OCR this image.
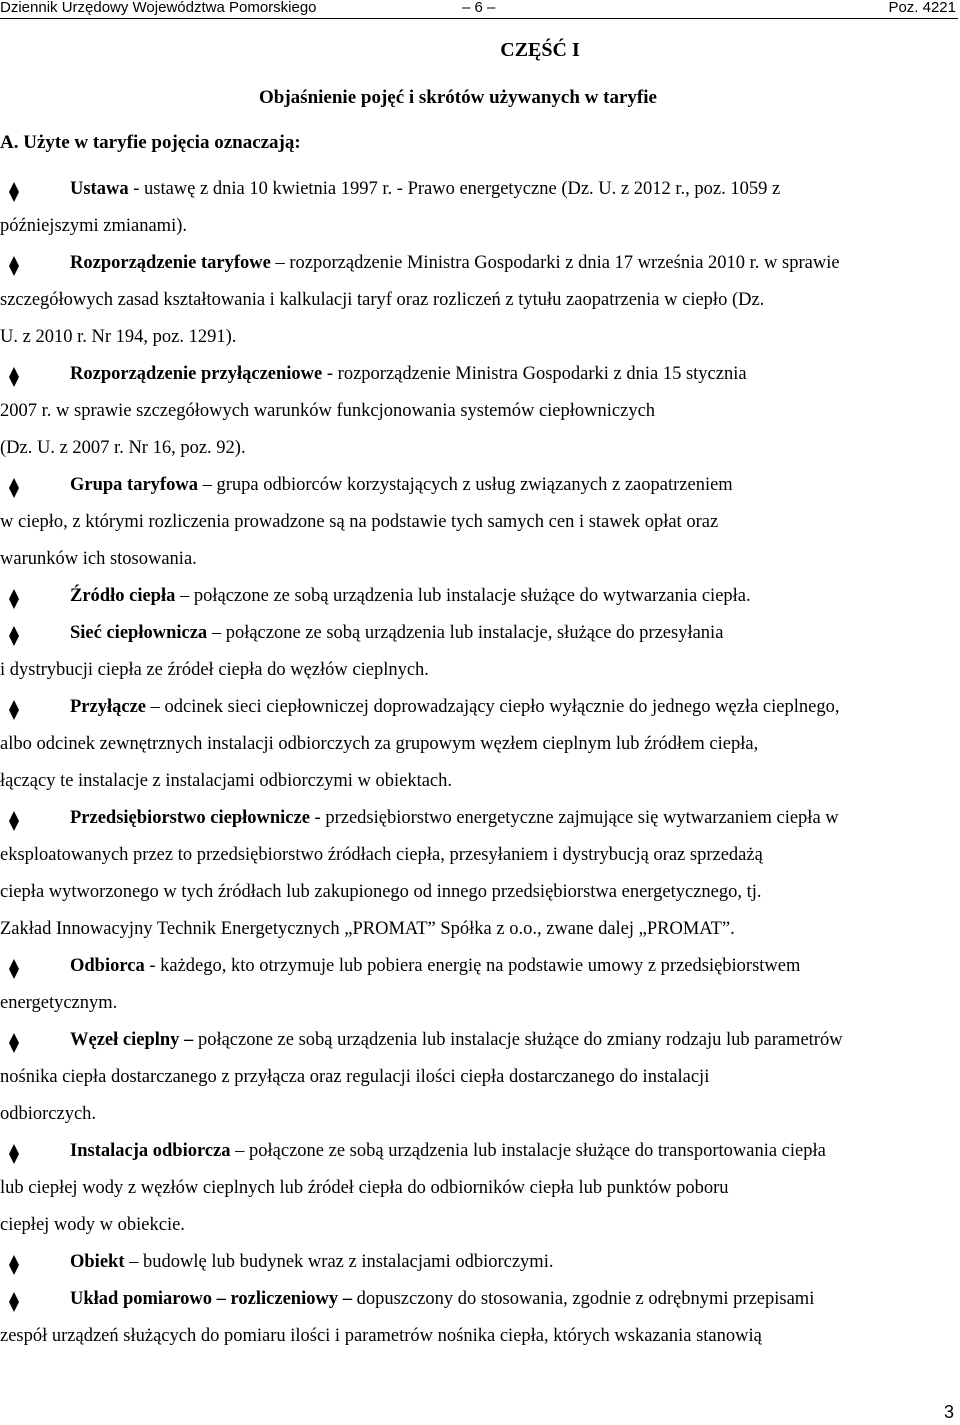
Dziennik Urzędowy Województwa Pomorskiego	– 6 –	Poz. 4221
CZĘŚĆ I
Objaśnienie pojęć i skrótów używanych w taryfie
A. Użyte w taryfie pojęcia oznaczają:
Ustawa - ustawę z dnia 10 kwietnia 1997 r. - Prawo energetyczne (Dz. U. z 2012 r., poz. 1059 z
późniejszymi zmianami).
Rozporządzenie taryfowe – rozporządzenie Ministra Gospodarki z dnia 17 września 2010 r. w sprawie
szczegółowych zasad kształtowania i kalkulacji taryf oraz rozliczeń z tytułu zaopatrzenia w ciepło (Dz.
U. z 2010 r. Nr 194, poz. 1291).
Rozporządzenie przyłączeniowe - rozporządzenie Ministra Gospodarki z dnia 15 stycznia
2007 r. w sprawie szczegółowych warunków funkcjonowania systemów ciepłowniczych
(Dz. U. z 2007 r. Nr 16, poz. 92).
Grupa taryfowa – grupa odbiorców korzystających z usług związanych z zaopatrzeniem
w ciepło, z którymi rozliczenia prowadzone są na podstawie tych samych cen i stawek opłat oraz
warunków ich stosowania.
Źródło ciepła – połączone ze sobą urządzenia lub instalacje służące do wytwarzania ciepła.
Sieć ciepłownicza – połączone ze sobą urządzenia lub instalacje, służące do przesyłania
i dystrybucji ciepła ze źródeł ciepła do węzłów cieplnych.
Przyłącze – odcinek sieci ciepłowniczej doprowadzający ciepło wyłącznie do jednego węzła cieplnego,
albo odcinek zewnętrznych instalacji odbiorczych za grupowym węzłem cieplnym lub źródłem ciepła,
łączący te instalacje z instalacjami odbiorczymi w obiektach.
Przedsiębiorstwo ciepłownicze - przedsiębiorstwo energetyczne zajmujące się wytwarzaniem ciepła w
eksploatowanych przez to przedsiębiorstwo źródłach ciepła, przesyłaniem i dystrybucją oraz sprzedażą
ciepła wytworzonego w tych źródłach lub zakupionego od innego przedsiębiorstwa energetycznego, tj.
Zakład Innowacyjny Technik Energetycznych „PROMAT” Spółka z o.o., zwane dalej „PROMAT”.
Odbiorca - każdego, kto otrzymuje lub pobiera energię na podstawie umowy z przedsiębiorstwem
energetycznym.
Węzeł cieplny – połączone ze sobą urządzenia lub instalacje służące do zmiany rodzaju lub parametrów
nośnika ciepła dostarczanego z przyłącza oraz regulacji ilości ciepła dostarczanego do instalacji
odbiorczych.
Instalacja odbiorcza – połączone ze sobą urządzenia lub instalacje służące do transportowania ciepła
lub ciepłej wody z węzłów cieplnych lub źródeł ciepła do odbiorników ciepła lub punktów poboru
ciepłej wody w obiekcie.
Obiekt – budowlę lub budynek wraz z instalacjami odbiorczymi.
Układ pomiarowo – rozliczeniowy – dopuszczony do stosowania, zgodnie z odrębnymi przepisami
zespół urządzeń służących do pomiaru ilości i parametrów nośnika ciepła, których wskazania stanowią
3
